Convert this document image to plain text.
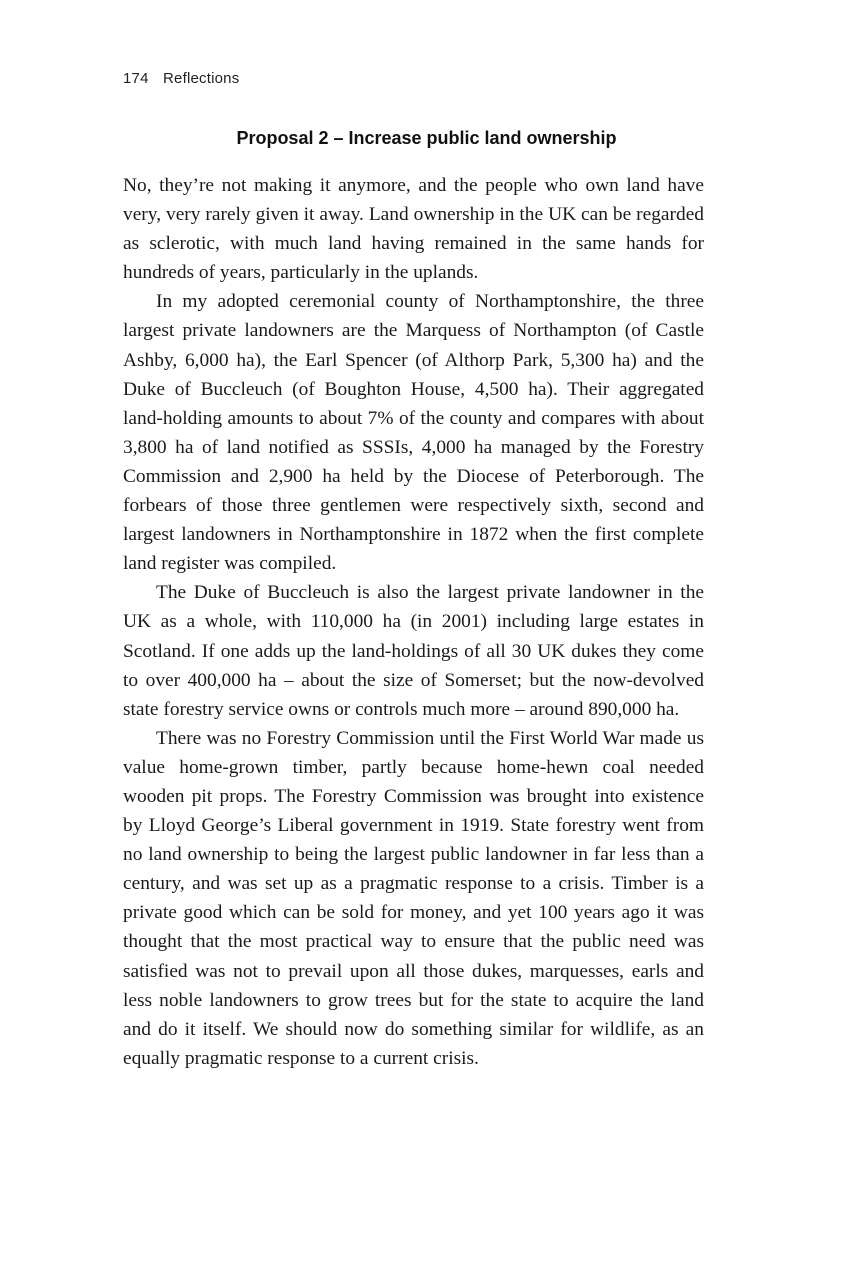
174 Reflections
Proposal 2 – Increase public land ownership

No, they’re not making it anymore, and the people who own land have very, very rarely given it away. Land ownership in the UK can be regarded as sclerotic, with much land having remained in the same hands for hundreds of years, particularly in the uplands.

In my adopted ceremonial county of Northamptonshire, the three largest private landowners are the Marquess of Northampton (of Castle Ashby, 6,000 ha), the Earl Spencer (of Althorp Park, 5,300 ha) and the Duke of Buccleuch (of Boughton House, 4,500 ha). Their aggregated land-holding amounts to about 7% of the county and compares with about 3,800 ha of land notified as SSSIs, 4,000 ha managed by the Forestry Commission and 2,900 ha held by the Diocese of Peterborough. The forbears of those three gentlemen were respectively sixth, second and largest landowners in Northamptonshire in 1872 when the first complete land register was compiled.

The Duke of Buccleuch is also the largest private landowner in the UK as a whole, with 110,000 ha (in 2001) including large estates in Scotland. If one adds up the land-holdings of all 30 UK dukes they come to over 400,000 ha – about the size of Somerset; but the now-devolved state forestry service owns or controls much more – around 890,000 ha.

There was no Forestry Commission until the First World War made us value home-grown timber, partly because home-hewn coal needed wooden pit props. The Forestry Commission was brought into existence by Lloyd George’s Liberal government in 1919. State forestry went from no land ownership to being the largest public landowner in far less than a century, and was set up as a pragmatic response to a crisis. Timber is a private good which can be sold for money, and yet 100 years ago it was thought that the most practical way to ensure that the public need was satisfied was not to prevail upon all those dukes, marquesses, earls and less noble landowners to grow trees but for the state to acquire the land and do it itself. We should now do something similar for wildlife, as an equally pragmatic response to a current crisis.
